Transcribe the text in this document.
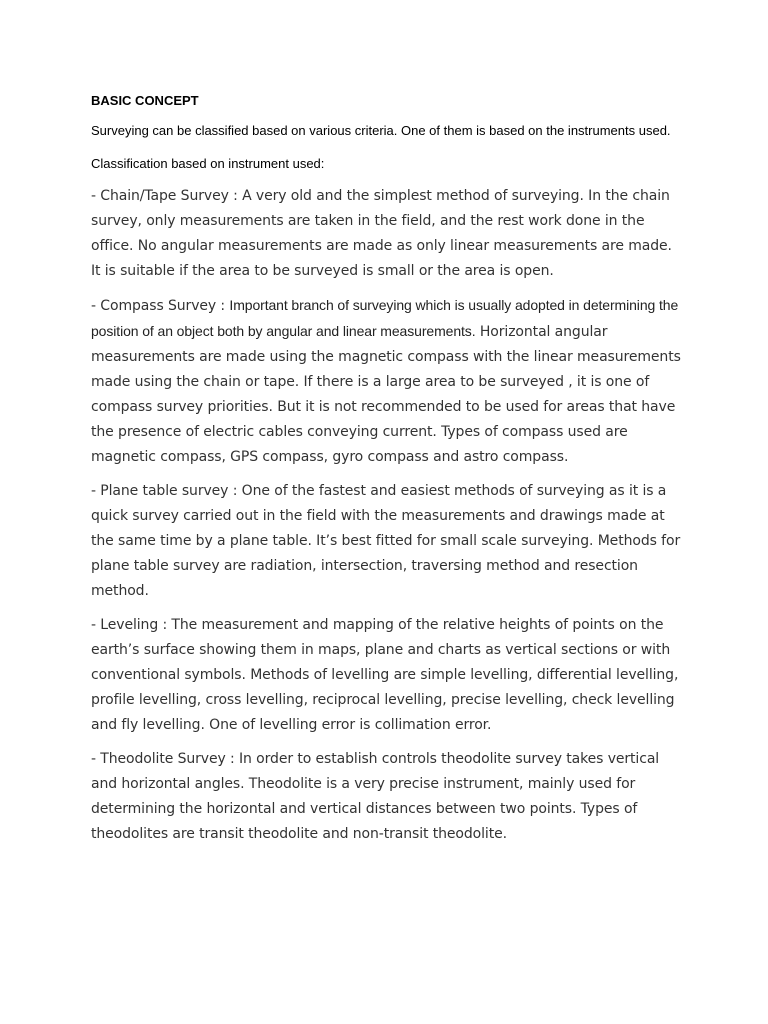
BASIC CONCEPT
Surveying can be classified based on various criteria. One of them is based on the instruments used.
Classification based on instrument used:
- Chain/Tape Survey : A very old and the simplest method of surveying. In the chain survey, only measurements are taken in the field, and the rest work done in the office. No angular measurements are made as only linear measurements are made. It is suitable if the area to be surveyed is small or the area is open.
- Compass Survey : Important branch of surveying which is usually adopted in determining the position of an object both by angular and linear measurements. Horizontal angular measurements are made using the magnetic compass with the linear measurements made using the chain or tape. If there is a large area to be surveyed , it is one of compass survey priorities. But it is not recommended to be used for areas that have the presence of electric cables conveying current. Types of compass used are magnetic compass, GPS compass, gyro compass and astro compass.
- Plane table survey : One of the fastest and easiest methods of surveying as it is a quick survey carried out in the field with the measurements and drawings made at the same time by a plane table. It’s best fitted for small scale surveying. Methods for plane table survey are radiation, intersection, traversing method and resection method.
- Leveling : The measurement and mapping of the relative heights of points on the earth’s surface showing them in maps, plane and charts as vertical sections or with conventional symbols. Methods of levelling are simple levelling, differential levelling, profile levelling, cross levelling, reciprocal levelling, precise levelling, check levelling and fly levelling. One of levelling error is collimation error.
- Theodolite Survey : In order to establish controls theodolite survey takes vertical and horizontal angles. Theodolite is a very precise instrument, mainly used for determining the horizontal and vertical distances between two points. Types of theodolites are transit theodolite and non-transit theodolite.
